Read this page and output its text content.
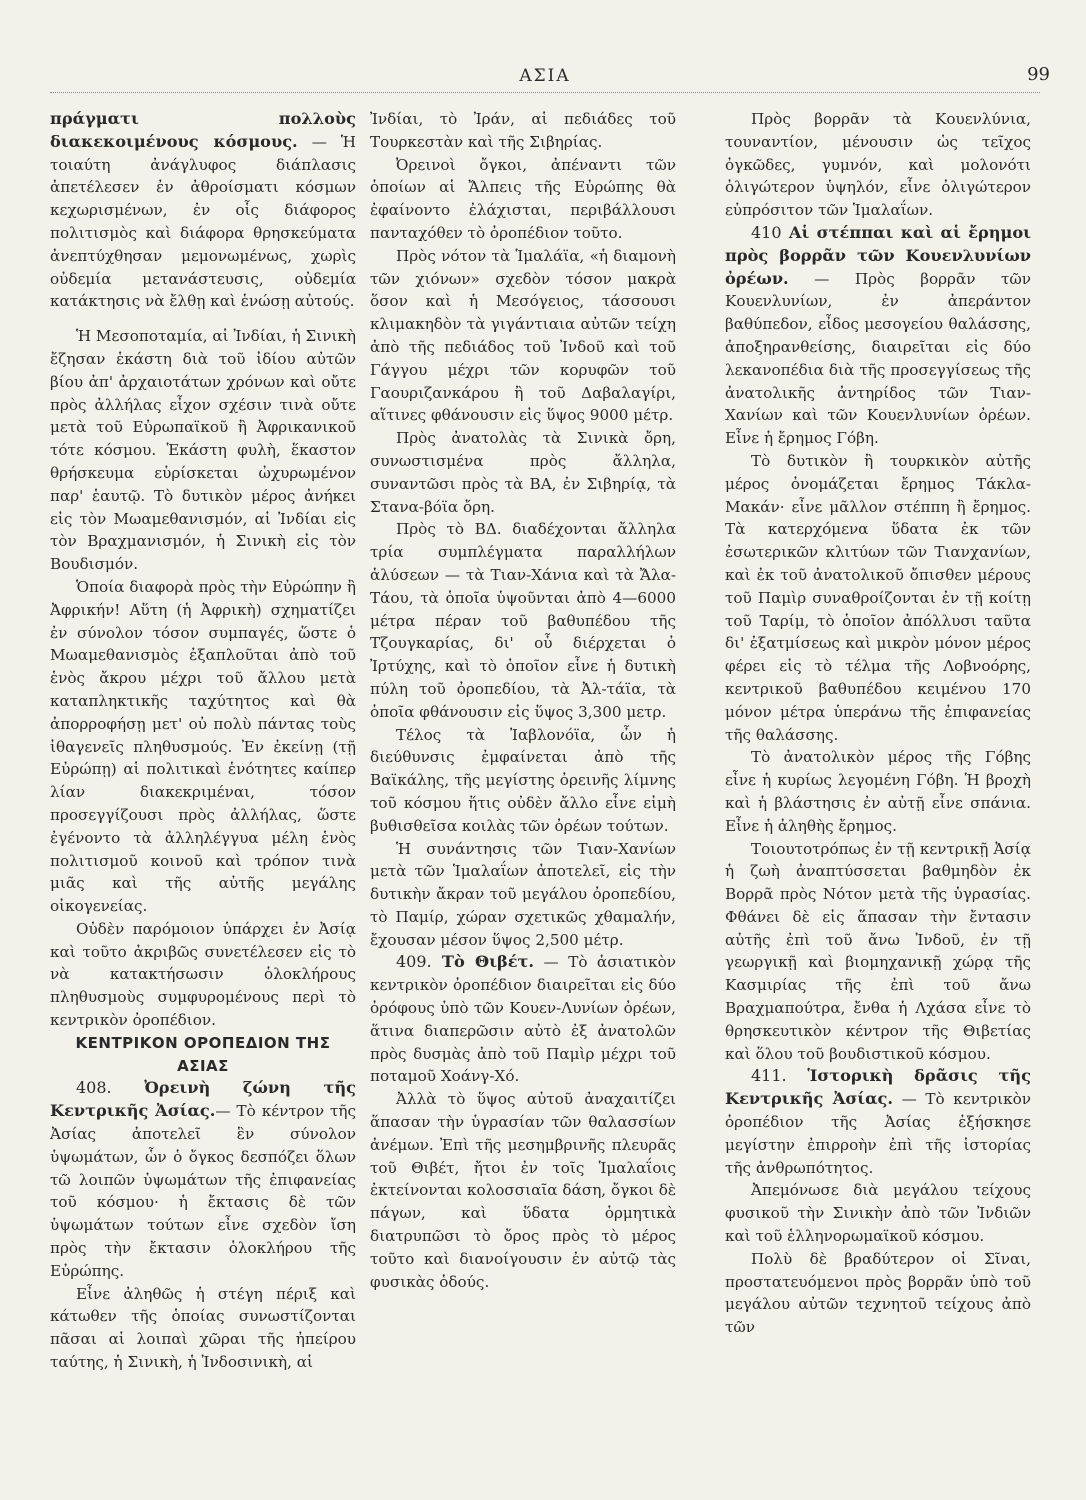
ΑΣΙΑ	99

πράγματι πολλοὺς διακεκοιμένους κόσμους. — Ἡ τοιαύτη ἀνάγλυφος διάπλασις ἀπετέλεσεν ἐν ἀθροίσματι κόσμων κεχωρισμένων, ἐν οἷς διάφορος πολιτισμὸς καὶ διάφορα θρησκεύματα ἀνεπτύχθησαν μεμονωμένως, χωρὶς οὐδεμία μετανάστευσις, οὐδεμία κατάκτησις νὰ ἔλθῃ καὶ ἑνώσῃ αὐτούς.

Ἡ Μεσοποταμία, αἱ Ἰνδίαι, ἡ Σινικὴ ἔζησαν ἑκάστη διὰ τοῦ ἰδίου αὐτῶν βίου ἀπ' ἀρχαιοτάτων χρόνων καὶ οὔτε πρὸς ἀλλήλας εἶχον σχέσιν τινὰ οὔτε μετὰ τοῦ Εὐρωπαϊκοῦ ἢ Ἀφρικανικοῦ τότε κόσμου. Ἑκάστη φυλὴ, ἕκαστον θρήσκευμα εὑρίσκεται ὠχυρωμένον παρ' ἑαυτῷ. Τὸ δυτικὸν μέρος ἀνήκει εἰς τὸν Μωαμεθανισμόν, αἱ Ἰνδίαι εἰς τὸν Βραχμανισμόν, ἡ Σινικὴ εἰς τὸν Βουδισμόν.

Ὁποία διαφορὰ πρὸς τὴν Εὐρώπην ἢ Ἀφρικήν! Αὕτη (ἡ Ἀφρικὴ) σχηματίζει ἐν σύνολον τόσον συμπαγές, ὥστε ὁ Μωαμεθανισμὸς ἐξαπλοῦται ἀπὸ τοῦ ἑνὸς ἄκρου μέχρι τοῦ ἄλλου μετὰ καταπληκτικῆς ταχύτητος καὶ θὰ ἀπορροφήσῃ μετ' οὐ πολὺ πάντας τοὺς ἰθαγενεῖς πληθυσμούς. Ἐν ἐκείνῃ (τῇ Εὐρώπῃ) αἱ πολιτικαὶ ἑνότητες καίπερ λίαν διακεκριμέναι, τόσον προσεγγίζουσι πρὸς ἀλλήλας, ὥστε ἐγένοντο τὰ ἀλληλέγγυα μέλη ἑνὸς πολιτισμοῦ κοινοῦ καὶ τρόπον τινὰ μιᾶς καὶ τῆς αὐτῆς μεγάλης οἰκογενείας.

Οὐδὲν παρόμοιον ὑπάρχει ἐν Ἀσίᾳ καὶ τοῦτο ἀκριβῶς συνετέλεσεν εἰς τὸ νὰ κατακτήσωσιν ὁλοκλήρους πληθυσμοὺς συμφυρομένους περὶ τὸ κεντρικὸν ὀροπέδιον.

ΚΕΝΤΡΙΚΟΝ ΟΡΟΠΕΔΙΟΝ ΤΗΣ ΑΣΙΑΣ

408. Ὀρεινὴ ζώνη τῆς Κεντρικῆς Ἀσίας.— Τὸ κέντρον τῆς Ἀσίας ἀποτελεῖ ἓν σύνολον ὑψωμάτων, ὧν ὁ ὄγκος δεσπόζει ὅλων τῶ λοιπῶν ὑψωμάτων τῆς ἐπιφανείας τοῦ κόσμου· ἡ ἔκτασις δὲ τῶν ὑψωμάτων τούτων εἶνε σχεδὸν ἴση πρὸς τὴν ἔκτασιν ὁλοκλήρου τῆς Εὐρώπης.

Εἶνε ἀληθῶς ἡ στέγη πέριξ καὶ κάτωθεν τῆς ὁποίας συνωστίζονται πᾶσαι αἱ λοιπαὶ χῶραι τῆς ἠπείρου ταύτης, ἡ Σινικὴ, ἡ Ἰνδοσινικὴ, αἱ

Ἰνδίαι, τὸ Ἰράν, αἱ πεδιάδες τοῦ Τουρκεστὰν καὶ τῆς Σιβηρίας.

Ὀρεινοὶ ὄγκοι, ἀπέναντι τῶν ὁποίων αἱ Ἄλπεις τῆς Εὐρώπης θὰ ἐφαίνοντο ἐλάχισται, περιβάλλουσι πανταχόθεν τὸ ὀροπέδιον τοῦτο.

Πρὸς νότον τὰ Ἱμαλάϊα, «ἡ διαμονὴ τῶν χιόνων» σχεδὸν τόσον μακρὰ ὅσον καὶ ἡ Μεσόγειος, τάσσουσι κλιμακηδὸν τὰ γιγάντιαια αὐτῶν τείχη ἀπὸ τῆς πεδιάδος τοῦ Ἰνδοῦ καὶ τοῦ Γάγγου μέχρι τῶν κορυφῶν τοῦ Γαουριζανκάρου ἢ τοῦ Δαβαλαγίρι, αἵτινες φθάνουσιν εἰς ὕψος 9000 μέτρ.

Πρὸς ἀνατολὰς τὰ Σινικὰ ὄρη, συνωστισμένα πρὸς ἄλληλα, συναντῶσι πρὸς τὰ ΒΑ, ἐν Σιβηρίᾳ, τὰ Στανα-βόϊα ὄρη.

Πρὸς τὸ ΒΔ. διαδέχονται ἄλληλα τρία συμπλέγματα παραλλήλων ἁλύσεων — τὰ Τιαν-Χάνια καὶ τὰ Ἄλα-Τάου, τὰ ὁποῖα ὑψοῦνται ἀπὸ 4—6000 μέτρα πέραν τοῦ βαθυπέδου τῆς Τζουγκαρίας, δι' οὗ διέρχεται ὁ Ἰρτύχης, καὶ τὸ ὁποῖον εἶνε ἡ δυτικὴ πύλη τοῦ ὀροπεδίου, τὰ Ἀλ-τάϊα, τὰ ὁποῖα φθάνουσιν εἰς ὕψος 3,300 μετρ.

Τέλος τὰ Ἰαβλονόϊα, ὧν ἡ διεύθυνσις ἐμφαίνεται ἀπὸ τῆς Βαϊκάλης, τῆς μεγίστης ὀρεινῆς λίμνης τοῦ κόσμου ἥτις οὐδὲν ἄλλο εἶνε εἰμὴ βυθισθεῖσα κοιλὰς τῶν ὀρέων τούτων.

Ἡ συνάντησις τῶν Τιαν-Χανίων μετὰ τῶν Ἱμαλαΐων ἀποτελεῖ, εἰς τὴν δυτικὴν ἄκραν τοῦ μεγάλου ὀροπεδίου, τὸ Παμίρ, χώραν σχετικῶς χθαμαλήν, ἔχουσαν μέσον ὕψος 2,500 μέτρ.

409. Τὸ Θιβέτ. — Τὸ ἀσιατικὸν κεντρικὸν ὀροπέδιον διαιρεῖται εἰς δύο ὀρόφους ὑπὸ τῶν Κουεν-Λυνίων ὀρέων, ἅτινα διαπερῶσιν αὐτὸ ἐξ ἀνατολῶν πρὸς δυσμὰς ἀπὸ τοῦ Παμὶρ μέχρι τοῦ ποταμοῦ Χοάνγ-Χό.

Ἀλλὰ τὸ ὕψος αὐτοῦ ἀναχαιτίζει ἅπασαν τὴν ὑγρασίαν τῶν θαλασσίων ἀνέμων. Ἐπὶ τῆς μεσημβρινῆς πλευρᾶς τοῦ Θιβέτ, ἤτοι ἐν τοῖς Ἱμαλαΐοις ἐκτείνονται κολοσσιαῖα δάση, ὄγκοι δὲ πάγων, καὶ ὕδατα ὁρμητικὰ διατρυπῶσι τὸ ὄρος πρὸς τὸ μέρος τοῦτο καὶ διανοίγουσιν ἐν αὐτῷ τὰς φυσικὰς ὁδούς.

Πρὸς βορρᾶν τὰ Κουενλύνια, τουναντίον, μένουσιν ὡς τεῖχος ὀγκῶδες, γυμνόν, καὶ μολονότι ὀλιγώτερον ὑψηλόν, εἶνε ὀλιγώτερον εὐπρόσιτον τῶν Ἱμαλαΐων.

410 Αἱ στέππαι καὶ αἱ ἔρημοι πρὸς βορρᾶν τῶν Κουενλυνίων ὀρέων. — Πρὸς βορρᾶν τῶν Κουενλυνίων, ἐν ἀπεράντον βαθύπεδον, εἶδος μεσογείου θαλάσσης, ἀποξηρανθείσης, διαιρεῖται εἰς δύο λεκανοπέδια διὰ τῆς προσεγγίσεως τῆς ἀνατολικῆς ἀντηρίδος τῶν Τιαν-Χανίων καὶ τῶν Κουενλυνίων ὀρέων. Εἶνε ἡ ἔρημος Γόβη.

Τὸ δυτικὸν ἢ τουρκικὸν αὐτῆς μέρος ὀνομάζεται ἔρημος Τάκλα-Μακάν· εἶνε μᾶλλον στέππη ἢ ἔρημος. Τὰ κατερχόμενα ὕδατα ἐκ τῶν ἐσωτερικῶν κλιτύων τῶν Τιανχανίων, καὶ ἐκ τοῦ ἀνατολικοῦ ὄπισθεν μέρους τοῦ Παμὶρ συναθροίζονται ἐν τῇ κοίτῃ τοῦ Ταρίμ, τὸ ὁποῖον ἀπόλλυσι ταῦτα δι' ἐξατμίσεως καὶ μικρὸν μόνον μέρος φέρει εἰς τὸ τέλμα τῆς Λοβνοόρης, κεντρικοῦ βαθυπέδου κειμένου 170 μόνον μέτρα ὑπεράνω τῆς ἐπιφανείας τῆς θαλάσσης.

Τὸ ἀνατολικὸν μέρος τῆς Γόβης εἶνε ἡ κυρίως λεγομένη Γόβη. Ἡ βροχὴ καὶ ἡ βλάστησις ἐν αὐτῇ εἶνε σπάνια. Εἶνε ἡ ἀληθὴς ἔρημος.

Τοιουτοτρόπως ἐν τῇ κεντρικῇ Ἀσίᾳ ἡ ζωὴ ἀναπτύσσεται βαθμηδὸν ἐκ Βορρᾶ πρὸς Νότον μετὰ τῆς ὑγρασίας. Φθάνει δὲ εἰς ἅπασαν τὴν ἔντασιν αὐτῆς ἐπὶ τοῦ ἄνω Ἰνδοῦ, ἐν τῇ γεωργικῇ καὶ βιομηχανικῇ χώρᾳ τῆς Κασμιρίας τῆς ἐπὶ τοῦ ἄνω Βραχμαπούτρα, ἔνθα ἡ Λχάσα εἶνε τὸ θρησκευτικὸν κέντρον τῆς Θιβετίας καὶ ὅλου τοῦ βουδιστικοῦ κόσμου.

411. Ἱστορικὴ δρᾶσις τῆς Κεντρικῆς Ἀσίας. — Τὸ κεντρικὸν ὀροπέδιον τῆς Ἀσίας ἐξήσκησε μεγίστην ἐπιρροὴν ἐπὶ τῆς ἱστορίας τῆς ἀνθρωπότητος.

Ἀπεμόνωσε διὰ μεγάλου τείχους φυσικοῦ τὴν Σινικὴν ἀπὸ τῶν Ἰνδιῶν καὶ τοῦ ἑλληνορωμαϊκοῦ κόσμου.

Πολὺ δὲ βραδύτερον οἱ Σῖναι, προστατευόμενοι πρὸς βορρᾶν ὑπὸ τοῦ μεγάλου αὐτῶν τεχνητοῦ τείχους ἀπὸ τῶν
